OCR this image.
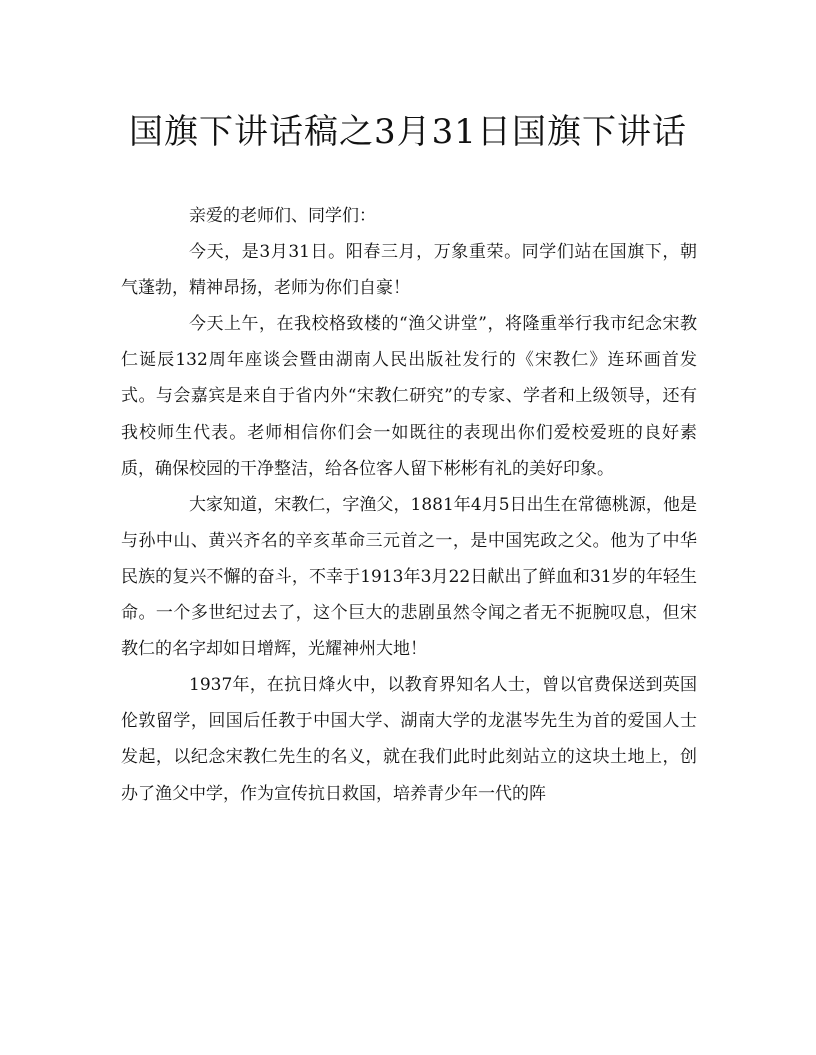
国旗下讲话稿之3月31日国旗下讲话

亲爱的老师们、同学们：

今天，是3月31日。阳春三月，万象重荣。同学们站在国旗下，朝气蓬勃，精神昂扬，老师为你们自豪！

今天上午，在我校格致楼的“渔父讲堂”，将隆重举行我市纪念宋教仁诞辰132周年座谈会暨由湖南人民出版社发行的《宋教仁》连环画首发式。与会嘉宾是来自于省内外“宋教仁研究”的专家、学者和上级领导，还有我校师生代表。老师相信你们会一如既往的表现出你们爱校爱班的良好素质，确保校园的干净整洁，给各位客人留下彬彬有礼的美好印象。

大家知道，宋教仁，字渔父，1881年4月5日出生在常德桃源，他是与孙中山、黄兴齐名的辛亥革命三元首之一，是中国宪政之父。他为了中华民族的复兴不懈的奋斗，不幸于1913年3月22日献出了鲜血和31岁的年轻生命。一个多世纪过去了，这个巨大的悲剧虽然令闻之者无不扼腕叹息，但宋教仁的名字却如日增辉，光耀神州大地！

1937年，在抗日烽火中，以教育界知名人士，曾以官费保送到英国伦敦留学，回国后任教于中国大学、湖南大学的龙湛岑先生为首的爱国人士发起，以纪念宋教仁先生的名义，就在我们此时此刻站立的这块土地上，创办了渔父中学，作为宣传抗日救国，培养青少年一代的阵
